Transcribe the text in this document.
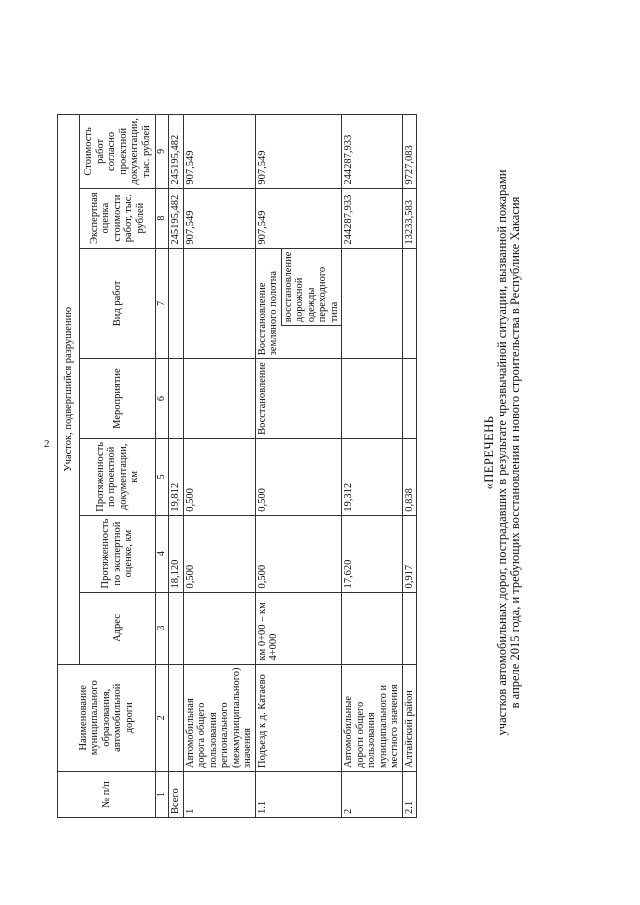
2	«ПЕРЕЧЕНЬ участков автомобильных дорог, пострадавших в результате чрезвычайной ситуации, вызванной пожарами в апреле 2015 года, и требующих восстановления и нового строительства в Республике Хакасия
№ п/п	Наименование муниципального образования, автомобильной дороги	Участок, подвергшийся разрушению						
		Адрес	Протяженность по экспертной оценке, км	Протяженность по проектной документации, км	Мероприятие	Вид работ	Экспертная оценка стоимости работ, тыс. рублей	Стоимость работ согласно проектной документации, тыс. рублей
1	2	3	4	5	6	7	8	9
Всего			18,120	19,812			245195,482	245195,482
1	Автомобильная дорога общего пользования регионального (межмуниципального) значения		0,500	0,500			907,549	907,549
1.1	Подъезд к д. Катаево	км 0+00 – км 4+000	0,500	0,500	Восстановление	Восстановление земляного полотна восстановление дорожной одежды переходного типа	907,549	907,549
2	Автомобильные дороги общего пользования муниципального и местного значения		17,620	19,312			244287,933	244287,933
2.1	Алтайский район		0,917	0,838			13233,583	9727,083
